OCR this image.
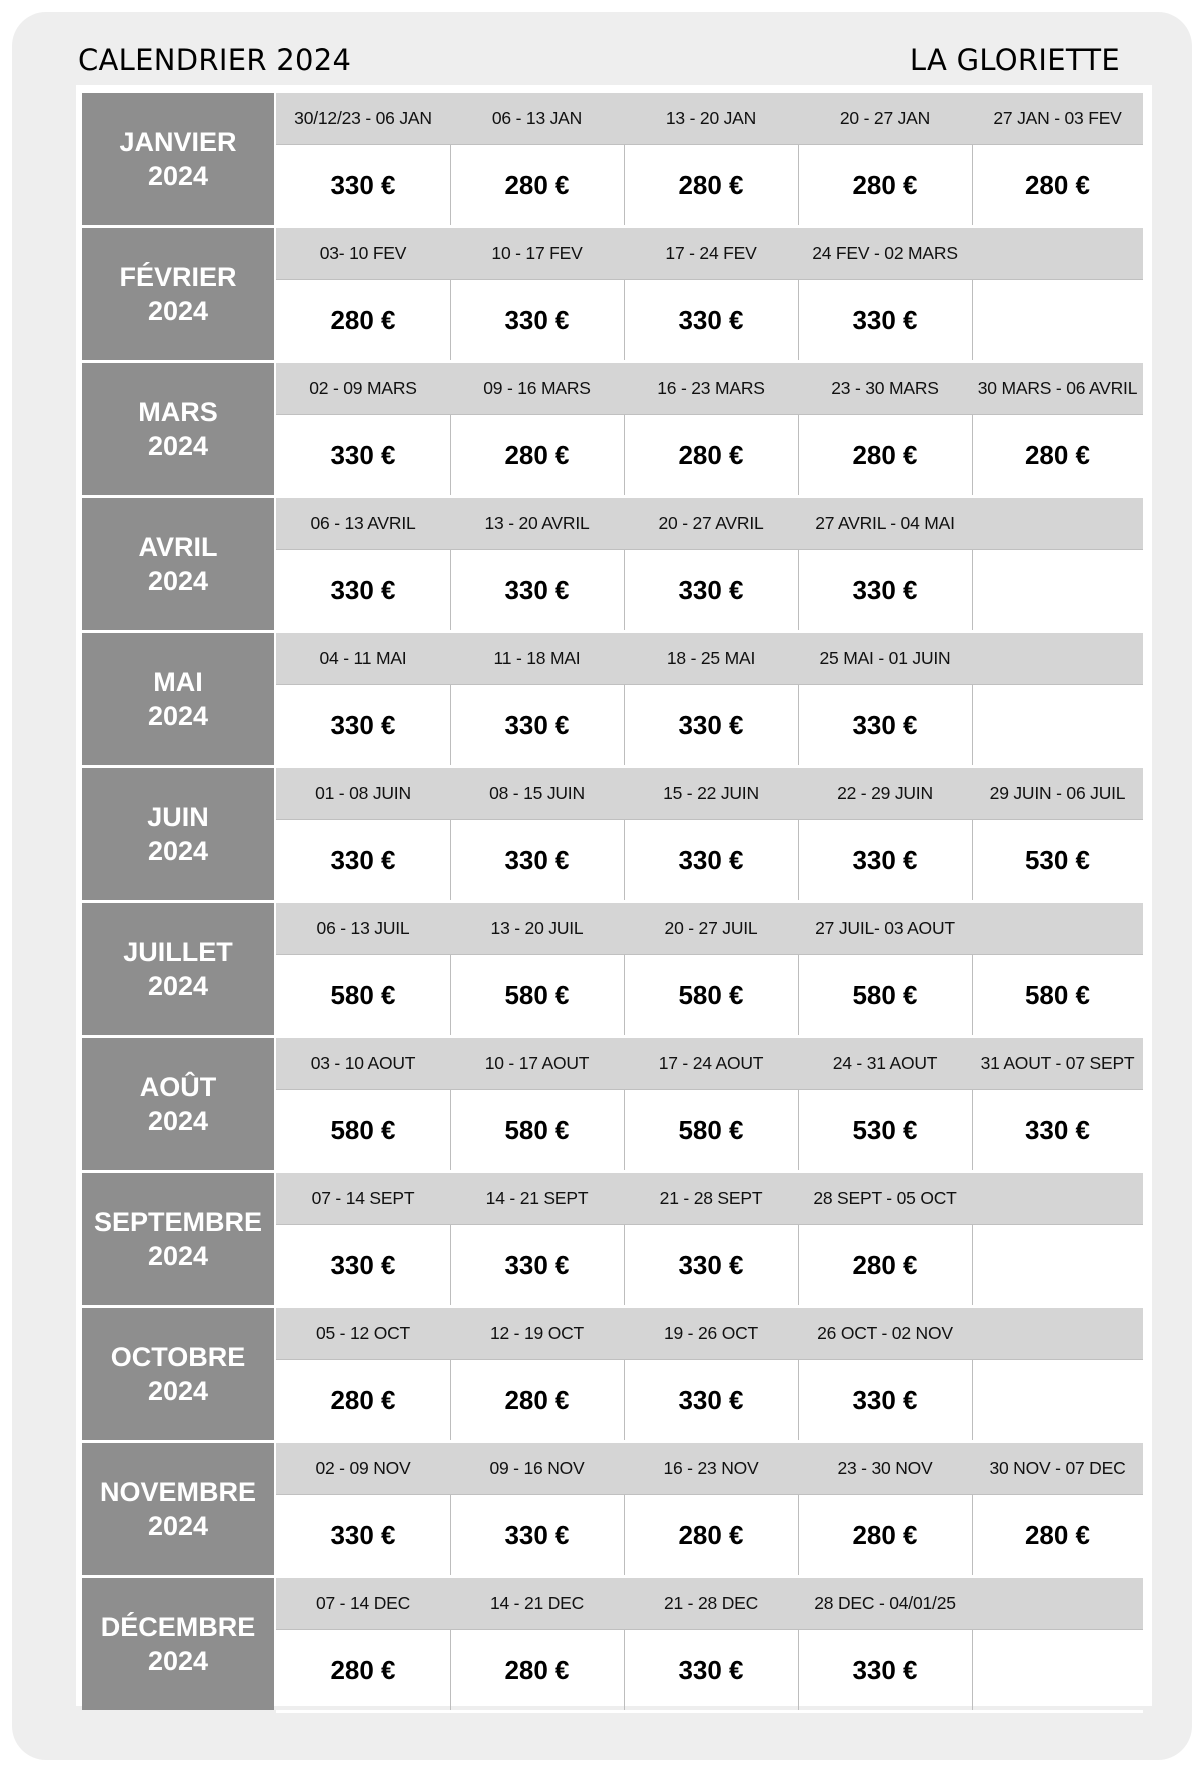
CALENDRIER 2024	LA GLORIETTE
JANVIER
2024
30/12/23 - 06 JAN
330 €
06 - 13 JAN
280 €
13 - 20 JAN
280 €
20 - 27 JAN
280 €
27 JAN - 03 FEV
280 €
FÉVRIER
2024
03- 10 FEV
280 €
10 - 17 FEV
330 €
17 - 24 FEV
330 €
24 FEV - 02 MARS
330 €
MARS
2024
02 - 09 MARS
330 €
09 - 16 MARS
280 €
16 - 23 MARS
280 €
23 - 30 MARS
280 €
30 MARS - 06 AVRIL
280 €
AVRIL
2024
06 - 13 AVRIL
330 €
13 - 20 AVRIL
330 €
20 - 27 AVRIL
330 €
27 AVRIL - 04 MAI
330 €
MAI
2024
04 - 11 MAI
330 €
11 - 18 MAI
330 €
18 - 25 MAI
330 €
25 MAI - 01 JUIN
330 €
JUIN
2024
01 - 08 JUIN
330 €
08 - 15 JUIN
330 €
15 - 22 JUIN
330 €
22 - 29 JUIN
330 €
29 JUIN - 06 JUIL
530 €
JUILLET
2024
06 - 13 JUIL
580 €
13 - 20 JUIL
580 €
20 - 27 JUIL
580 €
27 JUIL- 03 AOUT
580 €	580 €
AOÛT
2024
03 - 10 AOUT
580 €
10 - 17 AOUT
580 €
17 - 24 AOUT
580 €
24 - 31 AOUT
530 €
31 AOUT - 07 SEPT
330 €
SEPTEMBRE
2024
07 - 14 SEPT
330 €
14 - 21 SEPT
330 €
21 - 28 SEPT
330 €
28 SEPT - 05 OCT
280 €
OCTOBRE
2024
05 - 12 OCT
280 €
12 - 19 OCT
280 €
19 - 26 OCT
330 €
26 OCT - 02 NOV
330 €
NOVEMBRE
2024
02 - 09 NOV
330 €
09 - 16 NOV
330 €
16 - 23 NOV
280 €
23 - 30 NOV
280 €
30 NOV - 07 DEC
280 €
DÉCEMBRE
2024
07 - 14 DEC
280 €
14 - 21 DEC
280 €
21 - 28 DEC
330 €
28 DEC - 04/01/25
330 €
